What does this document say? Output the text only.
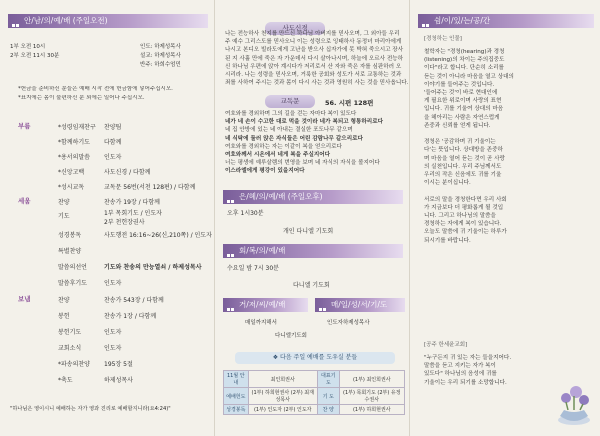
안/남/의/예/배 (주일오전)
1부 오전 10시
2부 오전 11시 30분
인도: 하제성목사
설교: 하제성목사
반주: 하희수엄민
*헌금을 준비하신 분들은 예배 시작 전에 헌금함에 넣어주십시오.
*표지에는 몸이 불편하신 분 외에는 일어나 주십시오.
부름	*성령임재찬구 찬양팀
*함께하기도 다함께
*용서의말씀 인도자
*신앙고백	사도신경 / 다함께
*성시교독	교독문 56번(서천 128편) / 다함께
세움	찬양	찬송가 19장 / 다함께
기도	1부 목회기도 / 인도자
2부 천헌장권사
성경봉독	사도행전 16:16~26(신,210쪽) / 인도자
특별찬양
말씀의선언	기도와 찬송의 만능열쇠 / 하제성목사
말씀후기도	인도자
보냄	찬양	찬송가 543장 / 다함께
봉헌	찬송가 1장 / 다함께
봉헌기도	인도자
교회소식	인도자
*파송의찬양 195장 5절
*축도	하제성목사
"하나님은 영이시니 예배하는 자가 영과 진리로 예배할지니라(요4:24)"
사도신경
나는 전능하사 천지를 만드신 하나님 아버지를 믿사오며, 그 외아들 우리
주 예수 그리스도를 믿사오니 이는 성령으로 잉태하사 동정녀 마리아에게
나시고 본디오 빌라도에게 고난을 받으사 십자가에 못 박혀 죽으시고 장사
된 지 사흘 만에 죽은 자 가운데서 다시 살아나시며, 하늘에 오르사 전능하
신 하나님 우편에 앉아 계시다가 저리로서 산 자와 죽은 자를 심판하러 오
시리라. 나는 성령을 믿사오며, 거룩한 공회와 성도가 서로 교통하는 것과
죄를 사하여 주시는 것과 몸이 다시 사는 것과 영원히 사는 것을 믿사옵니다.
교독문	56. 시편 128편
여호와를 경외하며 그의 길을 걷는 자마다 복이 있도다
네가 네 손이 수고한 대로 먹을 것이라 네가 복되고 형통하리로다
네 집 안방에 있는 네 아내는 결실한 포도나무 같으며
네 식탁에 둘러 앉은 자식들은 어린 감람나무 같으리로다
여호와를 경외하는 자는 이같이 복을 얻으리로다
여호와께서 시온에서 네게 복을 주실지어다
너는 평생에 예루살렘의 번영을 보며 네 자식의 자식을 볼지어다
이스라엘에게 평강이 있을지어다
은/혜/의/예/배 (주일오후)
오후 1시30분
개인 다니엘 기도회
회/복/의/예/배
수요일 밤 7시 30분
다니엘 기도회
거/저/씨/예/배	매/일/성/서/기/도
매일까지해서	인도자하제성목사
다니엘기도회
❖ 다음 주일 예배를 도우실 분들
11월 안내	최인희권사	대표기도	(1부) 최인희권사
예배헌도	(1부) 하희현권사 (2부) 최재성목사	기 도	(1부) 목회기도 (2부) 유정수권사
성경봉독	(1부) 인도자 (2부) 인도자	찬 양	(1부) 하희현권사
쉼/이/있/는/공/간
[경청하는 인물]
철학자는 "경청(hearing)과 경청
(listening)의 차이는 주의집중도
이다"라고 합니다. 단순히 소리를
듣는 것이 아니라 마음을 열고 상대의
이야기를 들어주는 것입니다.
'들어주는 것'이 바로 현대인에
게 필요한 위로이며 사랑의 표현
입니다. 귀를 기울여 상대의 마음
을 헤아리는 사람은 자연스럽게
존중과 신뢰를 얻게 됩니다.

경청은 '공감하며 귀 기울이는
다'는 뜻입니다. 상대방을 존중하
며 마음을 열어 듣는 것이 곧 사랑
의 실천입니다. 우리 주님께서도
우리의 작은 신음에도 귀를 기울
이시는 분이십니다.

서로의 말을 경청한다면 우리 사회
가 지금보다 더 평화롭게 될 것입
니다. 그리고 하나님의 말씀을
경청하는 자에게 복이 있습니다.
오늘도 말씀에 귀 기울이는 하루가
되시기를 바랍니다.
[공주 한세윤교회]
"누구든지 귀 있는 자는 들을지어다.
말씀을 듣고 지키는 자가 복이
있도다" 하나님의 음성에 귀를
기울이는 우리 되기를 소망합니다.
